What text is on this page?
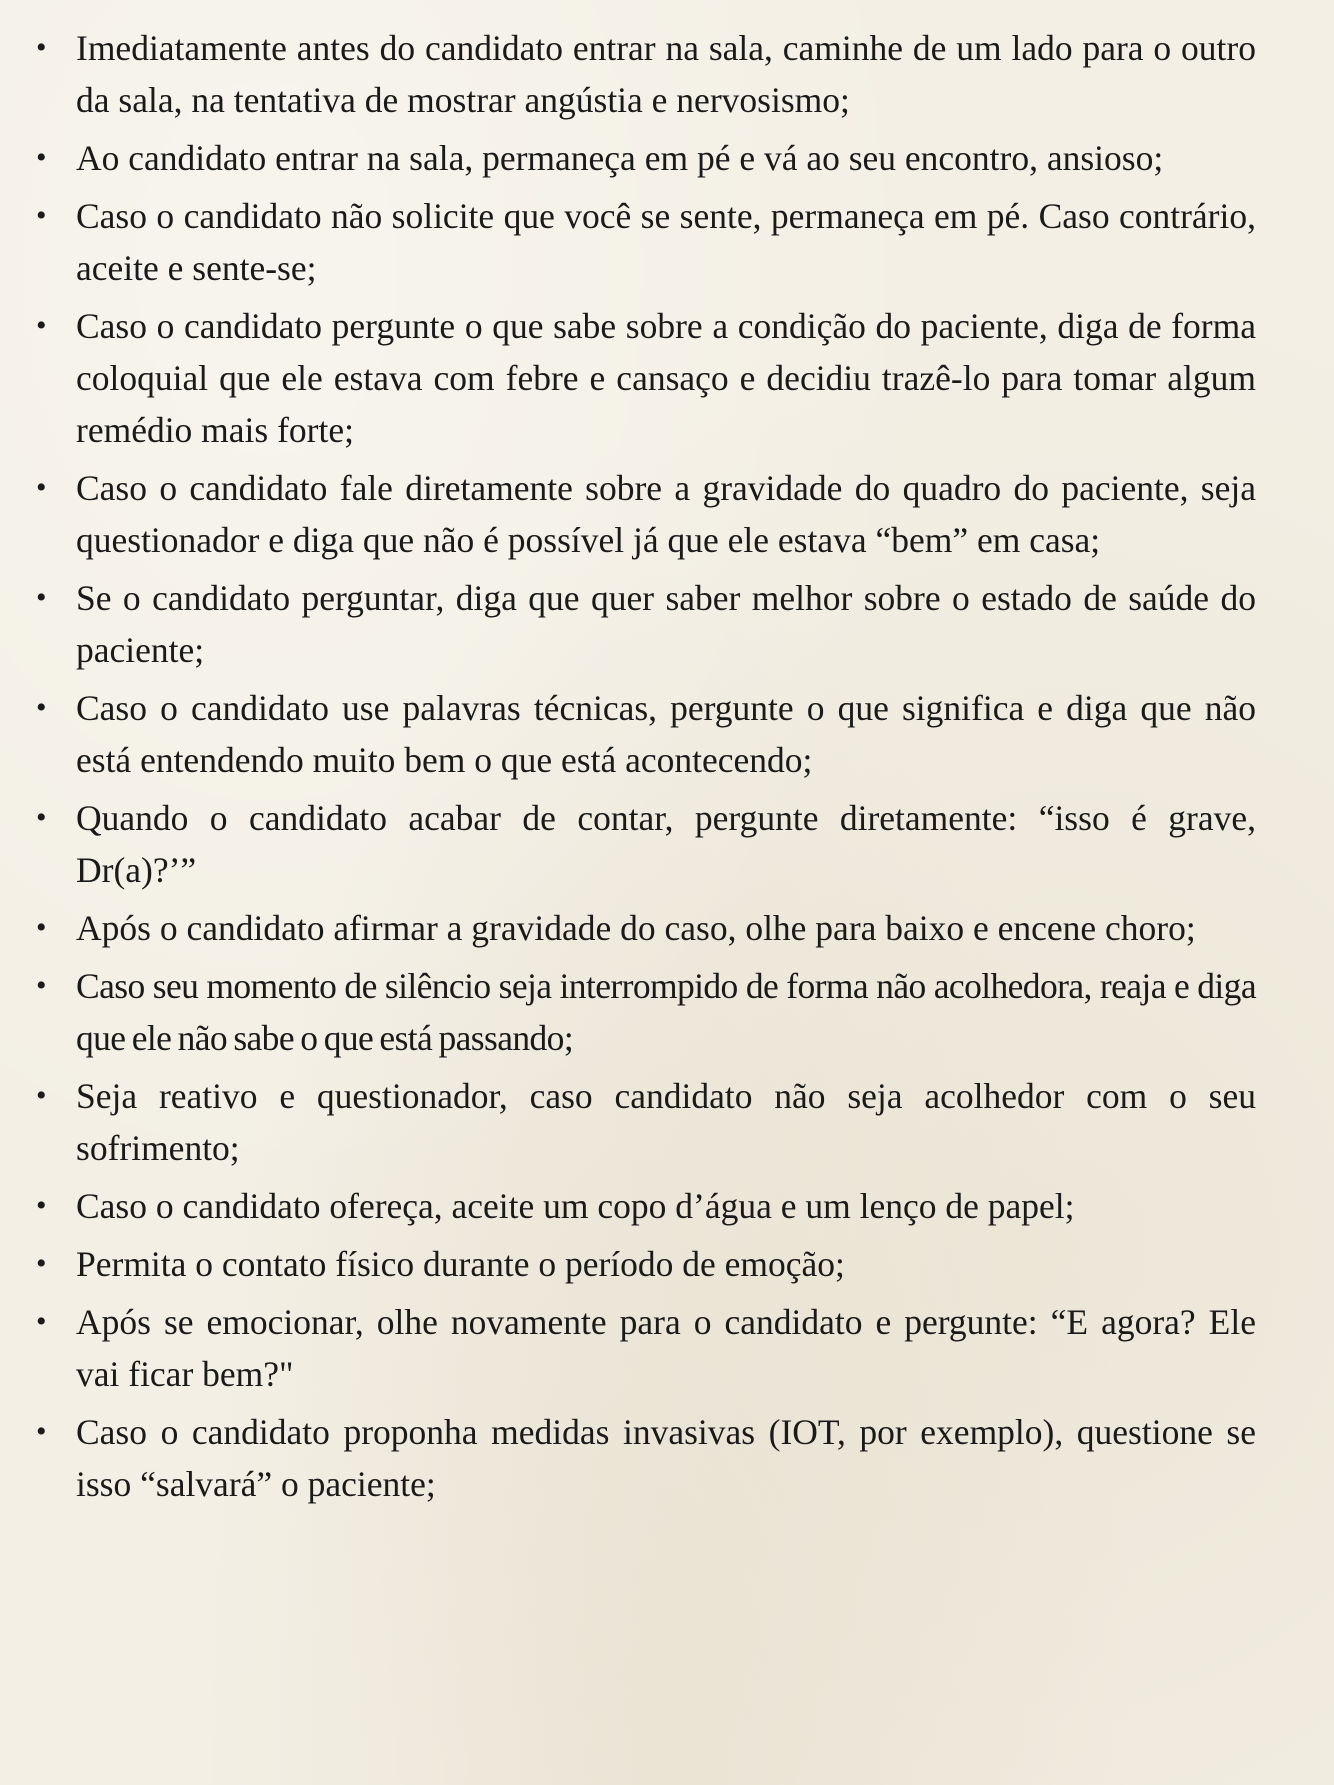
• Imediatamente antes do candidato entrar na sala, caminhe de um lado para o outro da sala, na tentativa de mostrar angústia e nervosismo;
• Ao candidato entrar na sala, permaneça em pé e vá ao seu encontro, ansioso;
• Caso o candidato não solicite que você se sente, permaneça em pé. Caso contrário, aceite e sente-se;
• Caso o candidato pergunte o que sabe sobre a condição do paciente, diga de forma coloquial que ele estava com febre e cansaço e decidiu trazê-lo para tomar algum remédio mais forte;
• Caso o candidato fale diretamente sobre a gravidade do quadro do paciente, seja questionador e diga que não é possível já que ele estava “bem” em casa;
• Se o candidato perguntar, diga que quer saber melhor sobre o estado de saúde do paciente;
• Caso o candidato use palavras técnicas, pergunte o que significa e diga que não está entendendo muito bem o que está acontecendo;
• Quando o candidato acabar de contar, pergunte diretamente: “isso é grave, Dr(a)?’”
• Após o candidato afirmar a gravidade do caso, olhe para baixo e encene choro;
• Caso seu momento de silêncio seja interrompido de forma não acolhedora, reaja e diga que ele não sabe o que está passando;
• Seja reativo e questionador, caso candidato não seja acolhedor com o seu sofrimento;
• Caso o candidato ofereça, aceite um copo d’água e um lenço de papel;
• Permita o contato físico durante o período de emoção;
• Após se emocionar, olhe novamente para o candidato e pergunte: “E agora? Ele vai ficar bem?"
• Caso o candidato proponha medidas invasivas (IOT, por exemplo), questione se isso “salvará” o paciente;
